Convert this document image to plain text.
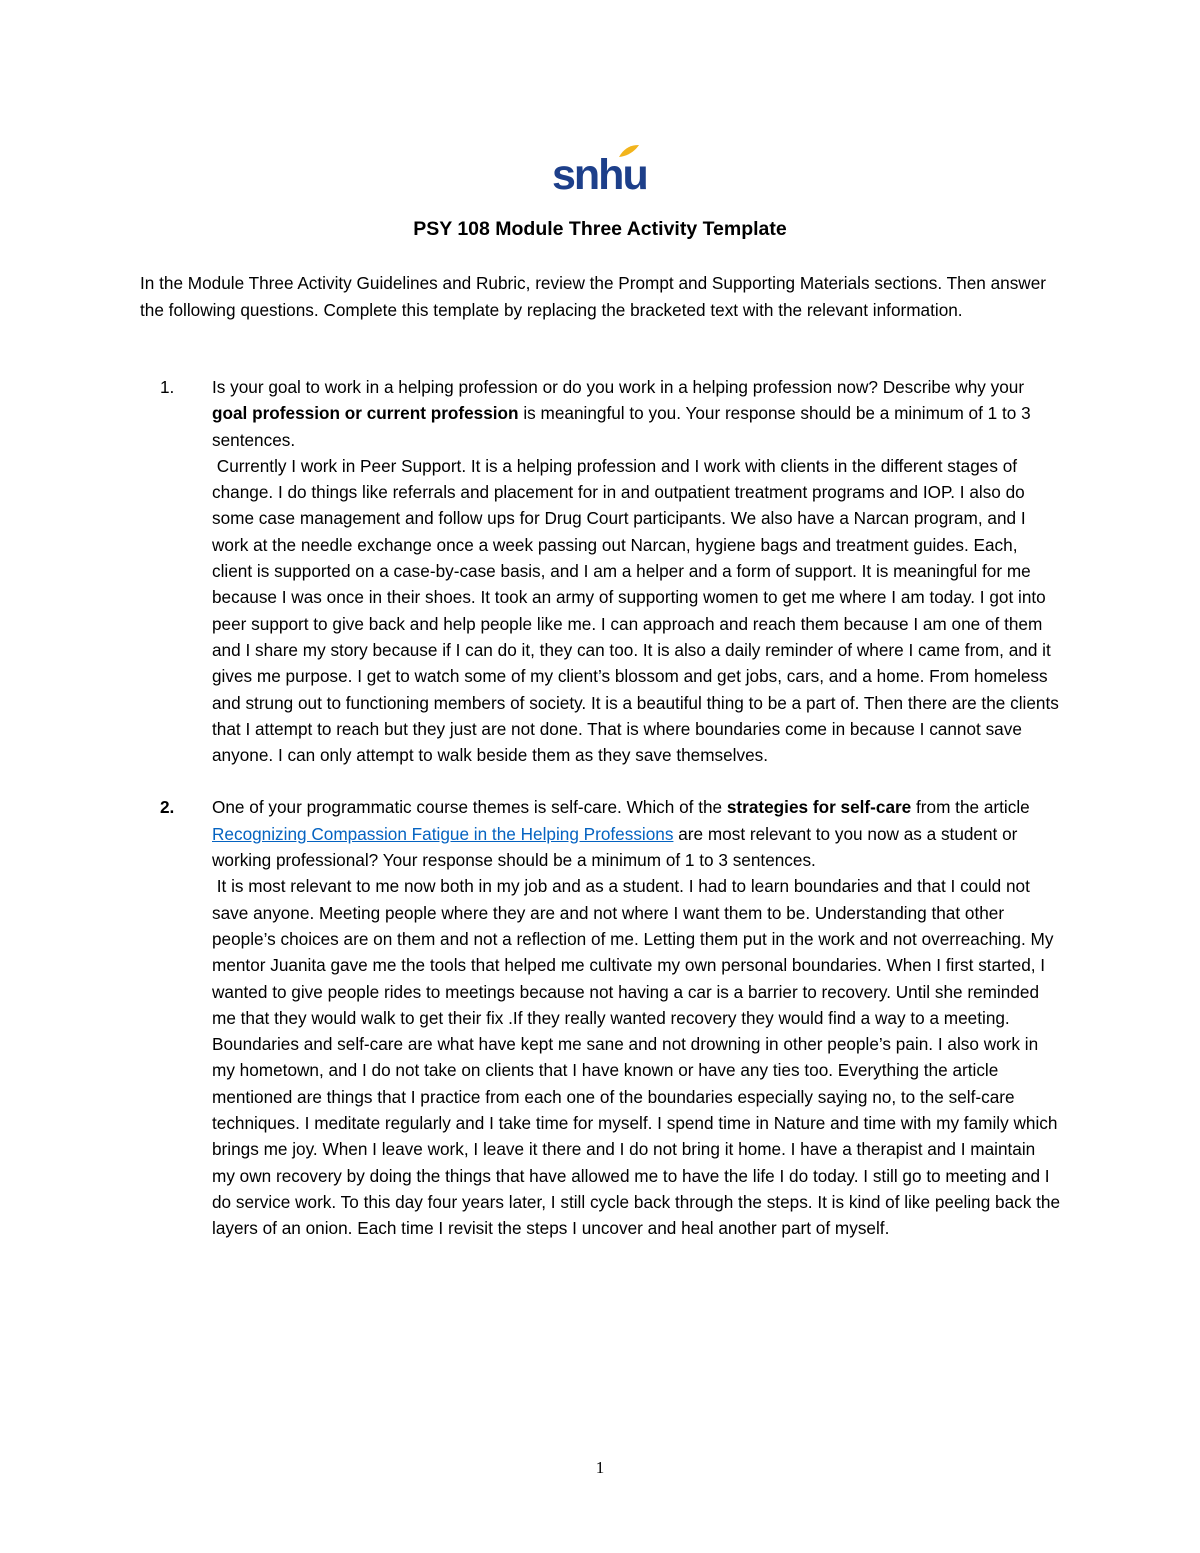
snhu
PSY 108 Module Three Activity Template

In the Module Three Activity Guidelines and Rubric, review the Prompt and Supporting Materials sections. Then answer the following questions. Complete this template by replacing the bracketed text with the relevant information.

1. Is your goal to work in a helping profession or do you work in a helping profession now? Describe why your goal profession or current profession is meaningful to you. Your response should be a minimum of 1 to 3 sentences.
Currently I work in Peer Support. It is a helping profession and I work with clients in the different stages of change. I do things like referrals and placement for in and outpatient treatment programs and IOP. I also do some case management and follow ups for Drug Court participants. We also have a Narcan program, and I work at the needle exchange once a week passing out Narcan, hygiene bags and treatment guides. Each, client is supported on a case-by-case basis, and I am a helper and a form of support. It is meaningful for me because I was once in their shoes. It took an army of supporting women to get me where I am today. I got into peer support to give back and help people like me. I can approach and reach them because I am one of them and I share my story because if I can do it, they can too. It is also a daily reminder of where I came from, and it gives me purpose. I get to watch some of my client’s blossom and get jobs, cars, and a home. From homeless and strung out to functioning members of society. It is a beautiful thing to be a part of. Then there are the clients that I attempt to reach but they just are not done. That is where boundaries come in because I cannot save anyone. I can only attempt to walk beside them as they save themselves.
2. One of your programmatic course themes is self-care. Which of the strategies for self-care from the article Recognizing Compassion Fatigue in the Helping Professions are most relevant to you now as a student or working professional? Your response should be a minimum of 1 to 3 sentences.
It is most relevant to me now both in my job and as a student. I had to learn boundaries and that I could not save anyone. Meeting people where they are and not where I want them to be. Understanding that other people’s choices are on them and not a reflection of me. Letting them put in the work and not overreaching. My mentor Juanita gave me the tools that helped me cultivate my own personal boundaries. When I first started, I wanted to give people rides to meetings because not having a car is a barrier to recovery. Until she reminded me that they would walk to get their fix .If they really wanted recovery they would find a way to a meeting. Boundaries and self-care are what have kept me sane and not drowning in other people’s pain. I also work in my hometown, and I do not take on clients that I have known or have any ties too. Everything the article mentioned are things that I practice from each one of the boundaries especially saying no, to the self-care techniques. I meditate regularly and I take time for myself. I spend time in Nature and time with my family which brings me joy. When I leave work, I leave it there and I do not bring it home. I have a therapist and I maintain my own recovery by doing the things that have allowed me to have the life I do today. I still go to meeting and I do service work. To this day four years later, I still cycle back through the steps. It is kind of like peeling back the layers of an onion. Each time I revisit the steps I uncover and heal another part of myself.
1
